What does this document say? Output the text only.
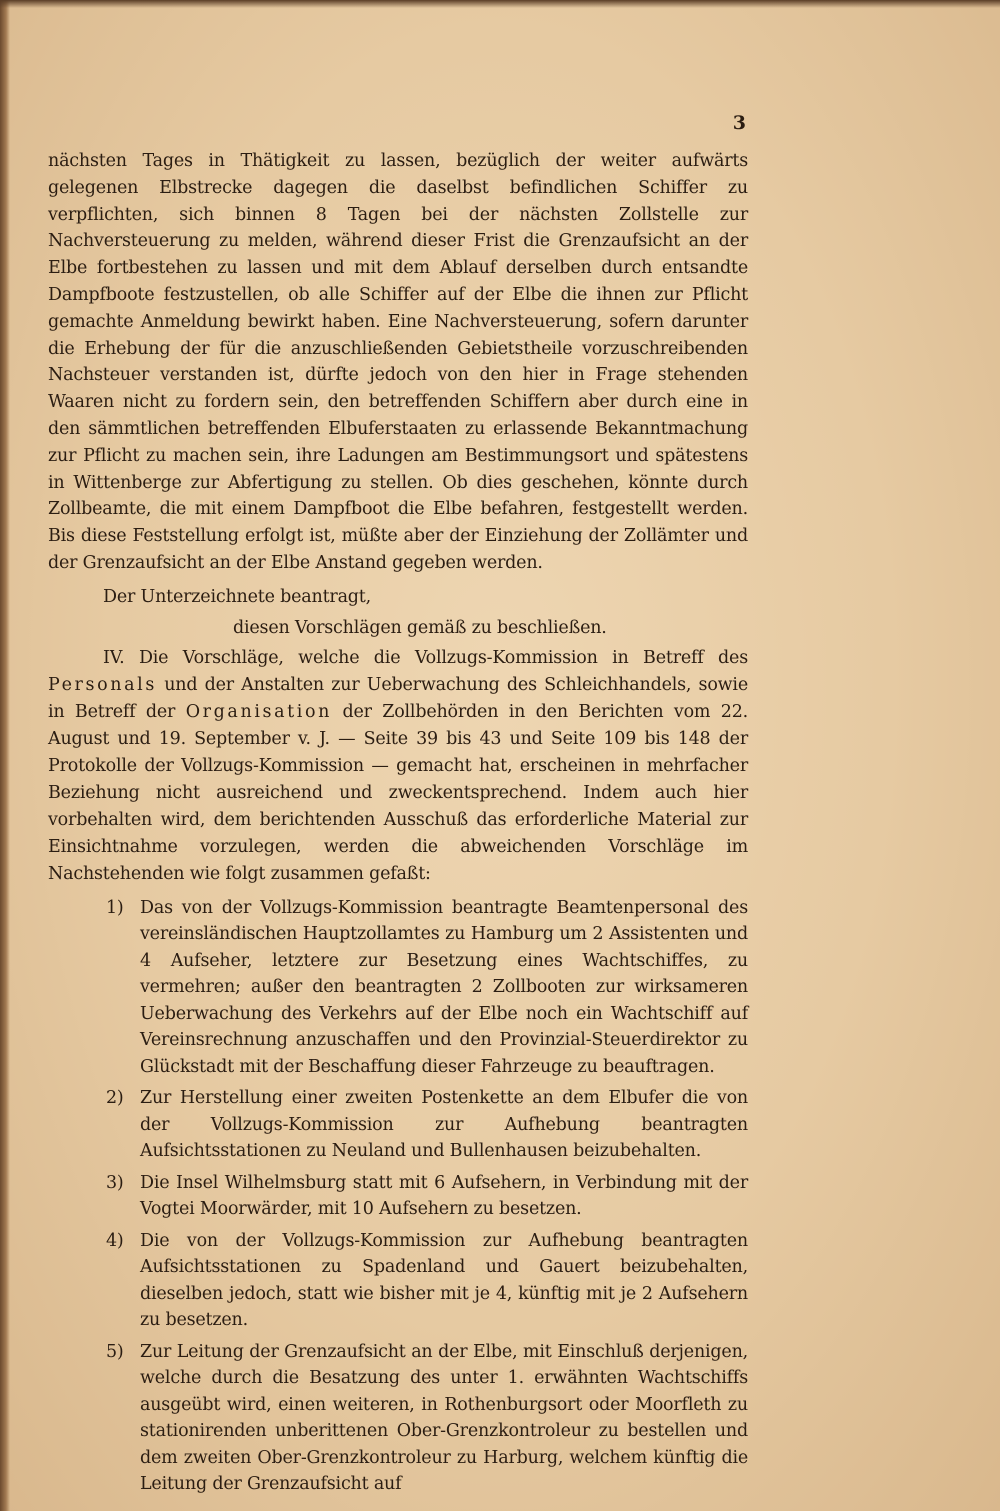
3

nächsten Tages in Thätigkeit zu lassen, bezüglich der weiter aufwärts gelegenen Elbstrecke dagegen die daselbst befindlichen Schiffer zu verpflichten, sich binnen 8 Tagen bei der nächsten Zollstelle zur Nachversteuerung zu melden, während dieser Frist die Grenzaufsicht an der Elbe fortbestehen zu lassen und mit dem Ablauf derselben durch entsandte Dampfboote festzustellen, ob alle Schiffer auf der Elbe die ihnen zur Pflicht gemachte Anmeldung bewirkt haben. Eine Nachversteuerung, sofern darunter die Erhebung der für die anzuschließenden Gebietstheile vorzuschreibenden Nachsteuer verstanden ist, dürfte jedoch von den hier in Frage stehenden Waaren nicht zu fordern sein, den betreffenden Schiffern aber durch eine in den sämmtlichen betreffenden Elbuferstaaten zu erlassende Bekanntmachung zur Pflicht zu machen sein, ihre Ladungen am Bestimmungsort und spätestens in Wittenberge zur Abfertigung zu stellen. Ob dies geschehen, könnte durch Zollbeamte, die mit einem Dampfboot die Elbe befahren, festgestellt werden. Bis diese Feststellung erfolgt ist, müßte aber der Einziehung der Zollämter und der Grenzaufsicht an der Elbe Anstand gegeben werden.

Der Unterzeichnete beantragt,

diesen Vorschlägen gemäß zu beschließen.

IV. Die Vorschläge, welche die Vollzugs-Kommission in Betreff des Personals und der Anstalten zur Ueberwachung des Schleichhandels, sowie in Betreff der Organisation der Zollbehörden in den Berichten vom 22. August und 19. September v. J. — Seite 39 bis 43 und Seite 109 bis 148 der Protokolle der Vollzugs-Kommission — gemacht hat, erscheinen in mehrfacher Beziehung nicht ausreichend und zweckentsprechend. Indem auch hier vorbehalten wird, dem berichtenden Ausschuß das erforderliche Material zur Einsichtnahme vorzulegen, werden die abweichenden Vorschläge im Nachstehenden wie folgt zusammen gefaßt:

1) Das von der Vollzugs-Kommission beantragte Beamtenpersonal des vereinsländischen Hauptzollamtes zu Hamburg um 2 Assistenten und 4 Aufseher, letztere zur Besetzung eines Wachtschiffes, zu vermehren; außer den beantragten 2 Zollbooten zur wirksameren Ueberwachung des Verkehrs auf der Elbe noch ein Wachtschiff auf Vereinsrechnung anzuschaffen und den Provinzial-Steuerdirektor zu Glückstadt mit der Beschaffung dieser Fahrzeuge zu beauftragen.
2) Zur Herstellung einer zweiten Postenkette an dem Elbufer die von der Vollzugs-Kommission zur Aufhebung beantragten Aufsichtsstationen zu Neuland und Bullenhausen beizubehalten.
3) Die Insel Wilhelmsburg statt mit 6 Aufsehern, in Verbindung mit der Vogtei Moorwärder, mit 10 Aufsehern zu besetzen.
4) Die von der Vollzugs-Kommission zur Aufhebung beantragten Aufsichtsstationen zu Spadenland und Gauert beizubehalten, dieselben jedoch, statt wie bisher mit je 4, künftig mit je 2 Aufsehern zu besetzen.
5) Zur Leitung der Grenzaufsicht an der Elbe, mit Einschluß derjenigen, welche durch die Besatzung des unter 1. erwähnten Wachtschiffs ausgeübt wird, einen weiteren, in Rothenburgsort oder Moorfleth zu stationirenden unberittenen Ober-Grenzkontroleur zu bestellen und dem zweiten Ober-Grenzkontroleur zu Harburg, welchem künftig die Leitung der Grenzaufsicht auf
